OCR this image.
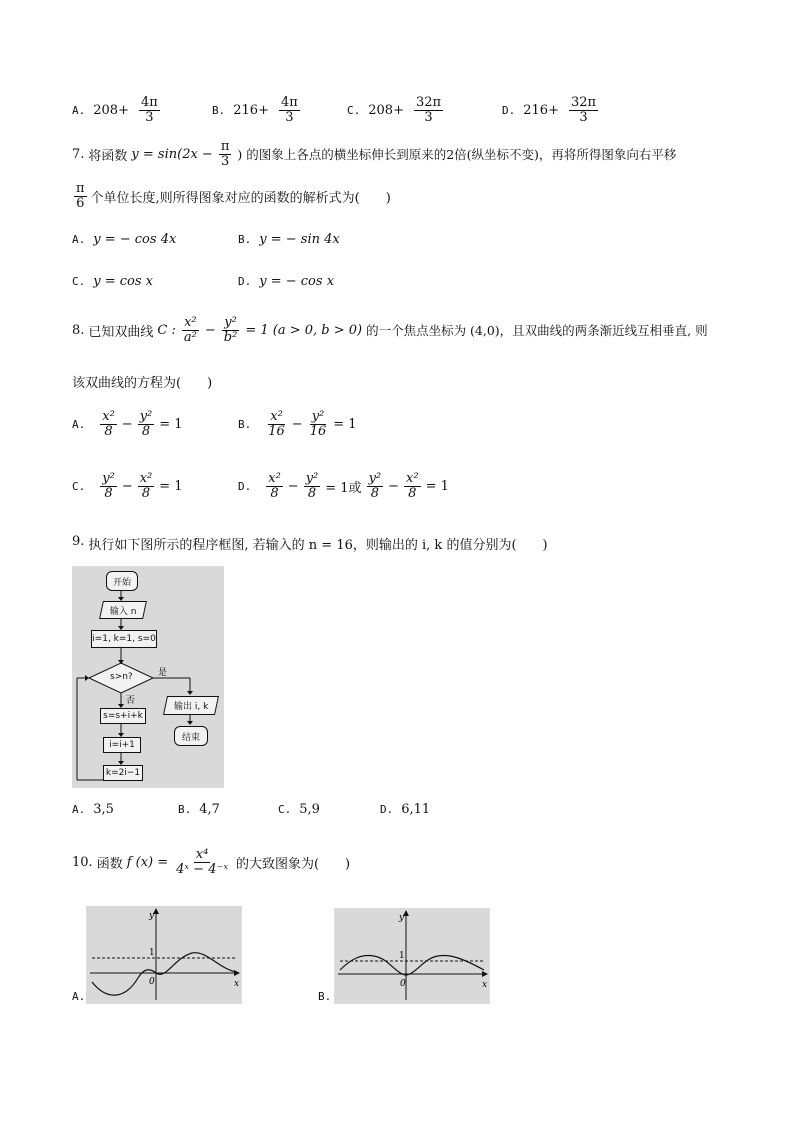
A. $208+ \frac{4\pi}{3}$	B. $216+ \frac{4\pi}{3}$	C. $208+ \frac{32\pi}{3}$	D. $216+ \frac{32\pi}{3}$
7. 将函数 $y = \sin(2x - \frac{\pi}{3}$ ) 的图象上各点的横坐标伸长到原来的2倍(纵坐标不变)，再将所得图象向右平移
$\frac{\pi}{6}$ 个单位长度,则所得图象对应的函数的解析式为(　　)
A. y = − cos 4x	B. y = − sin 4x
C. y = cos x	D. y = − cos x
8. 已知双曲线 C : $\frac{\text{x²}}{\text{a²}} - \frac{\text{y²}}{\text{b²}} = 1$ (a > 0, b > 0) 的一个焦点坐标为 (4,0)，且双曲线的两条渐近线互相垂直, 则
该双曲线的方程为(　　)
A. $\frac{\text{x²}}{8} - \frac{\text{y²}}{8} = 1$	B. $\frac{\text{x²}}{16} - \frac{\text{y²}}{16} = 1$
C. $\frac{\text{y²}}{8} - \frac{\text{x²}}{8} = 1$	D. $\frac{\text{x²}}{8} - \frac{\text{y²}}{8} = 1$或 $\frac{\text{y²}}{8} - \frac{\text{x²}}{8} = 1$
9. 执行如下图所示的程序框图, 若输入的 n = 16，则输出的 i, k 的值分别为(　　)
开始
输入 n
i=1, k=1, s=0
s>n?	是
否
s=s+i+k
i=i+1
k=2i−1
输出 i, k
结束
A. 3,5	B. 4,7	C. 5,9	D. 6,11
10. 函数 f $(x) = \frac{\text{x⁴}}{\text{4ˣ − 4⁻ˣ}}$ 的大致图象为(　　)
A.
y
x
1
0
B.
y
x
1
0
